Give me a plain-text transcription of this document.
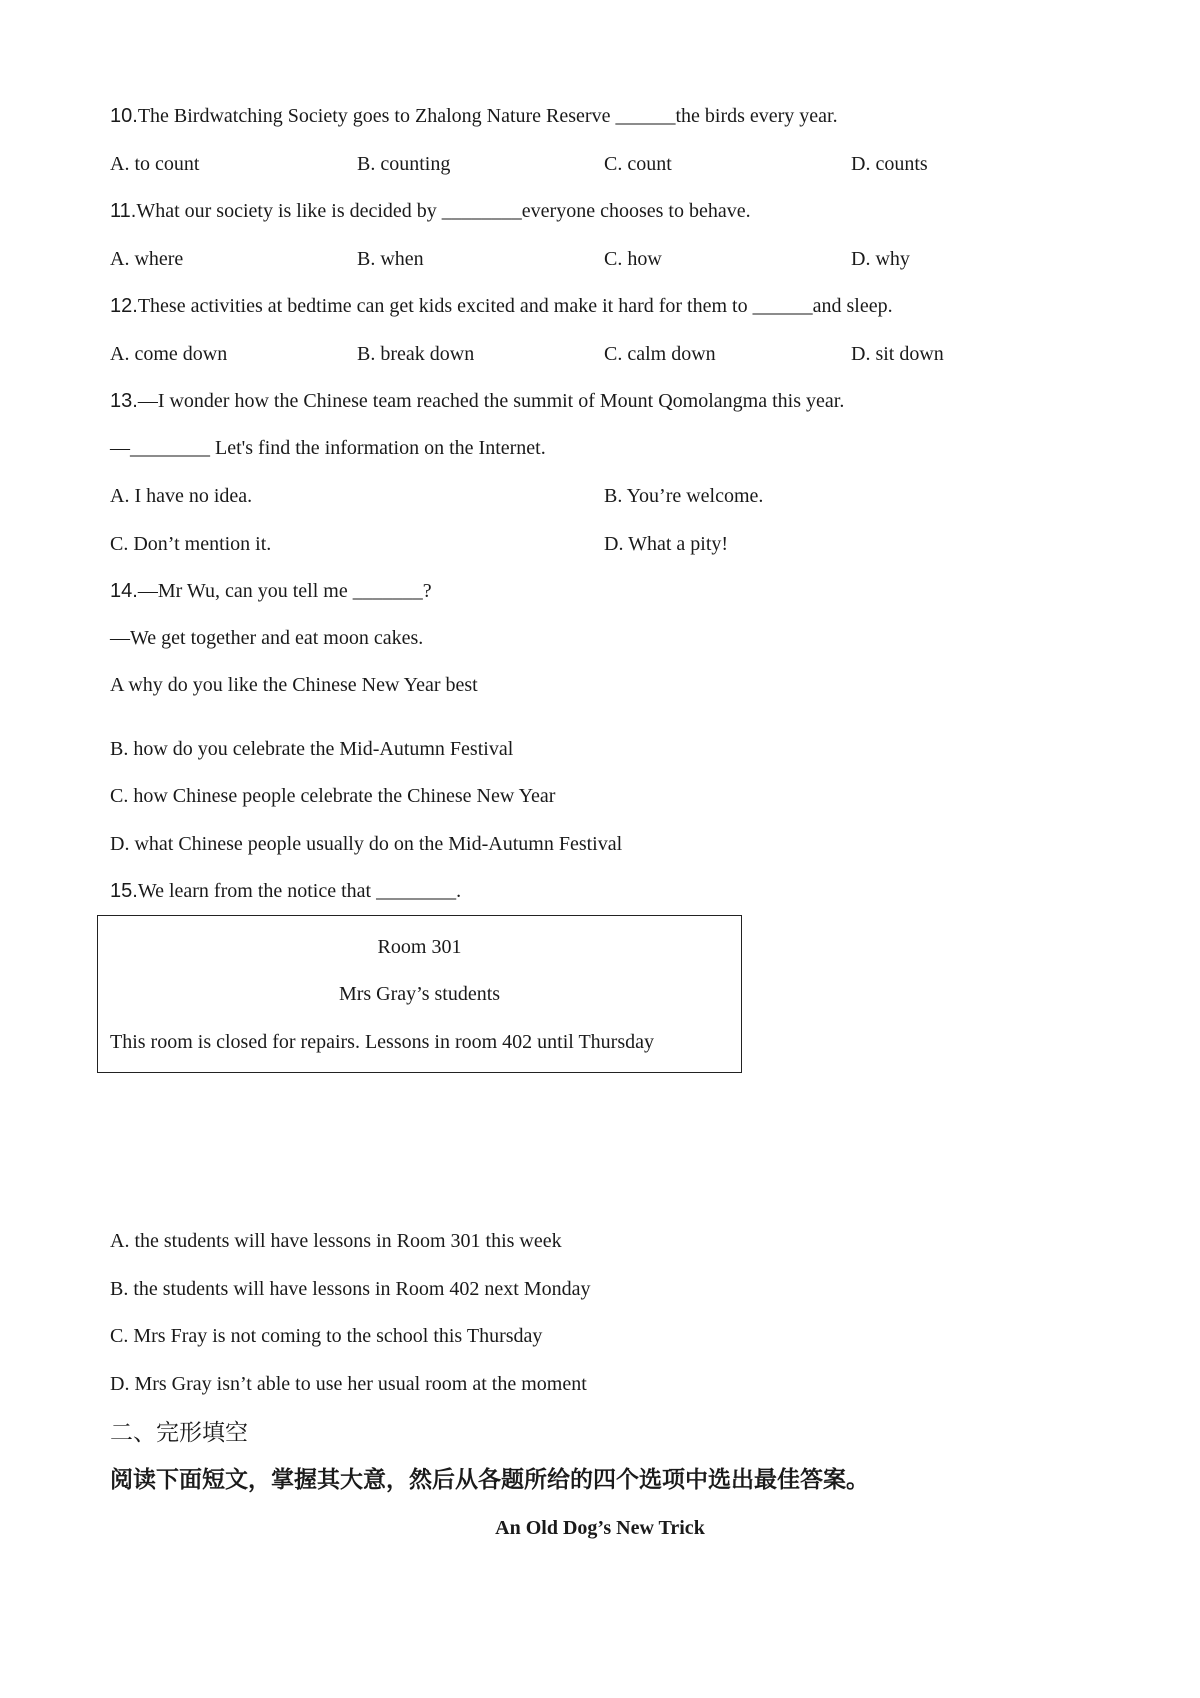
10.The Birdwatching Society goes to Zhalong Nature Reserve ______the birds every year.
A. to count	B. counting	C. count	D. counts
11.What our society is like is decided by ________everyone chooses to behave.
A. where	B. when	C. how	D. why
12.These activities at bedtime can get kids excited and make it hard for them to ______and sleep.
A. come down	B. break down	C. calm down	D. sit down
13.—I wonder how the Chinese team reached the summit of Mount Qomolangma this year.
—________ Let's find the information on the Internet.
A. I have no idea.	B. You’re welcome.
C. Don’t mention it.	D. What a pity!
14.—Mr Wu, can you tell me _______?
—We get together and eat moon cakes.
A why do you like the Chinese New Year best
B. how do you celebrate the Mid-Autumn Festival
C. how Chinese people celebrate the Chinese New Year
D. what Chinese people usually do on the Mid-Autumn Festival
15.We learn from the notice that ________.
Room 301
Mrs Gray’s students
This room is closed for repairs. Lessons in room 402 until Thursday
A. the students will have lessons in Room 301 this week
B. the students will have lessons in Room 402 next Monday
C. Mrs Fray is not coming to the school this Thursday
D. Mrs Gray isn’t able to use her usual room at the moment
二、完形填空
阅读下面短文，掌握其大意，然后从各题所给的四个选项中选出最佳答案。
An Old Dog’s New Trick
